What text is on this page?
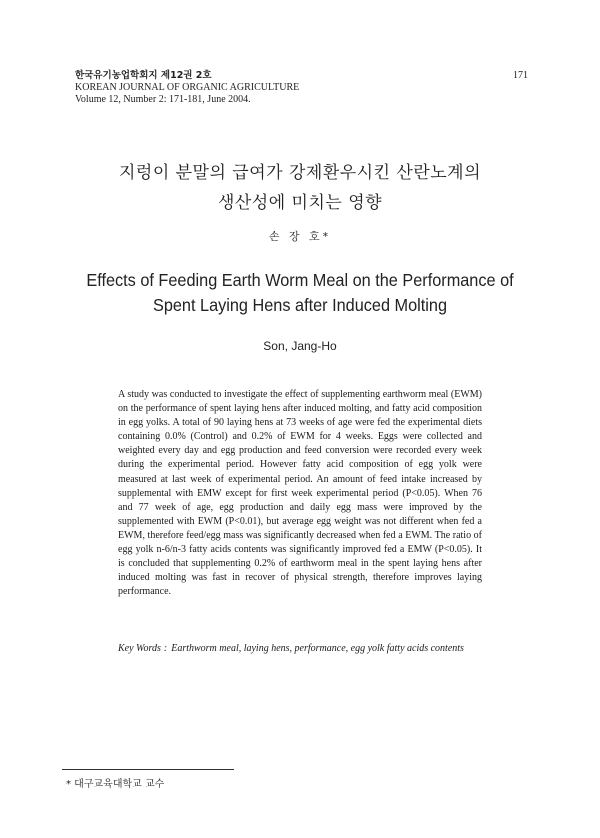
한국유기농업학회지 제12권 2호
KOREAN JOURNAL OF ORGANIC AGRICULTURE
Volume 12, Number 2: 171-181, June 2004.
171
지렁이 분말의 급여가 강제환우시킨 산란노계의
생산성에 미치는 영향
손 장 호*
Effects of Feeding Earth Worm Meal on the Performance of
Spent Laying Hens after Induced Molting
Son, Jang-Ho
A study was conducted to investigate the effect of supplementing earthworm meal (EWM) on the performance of spent laying hens after induced molting, and fatty acid composition in egg yolks. A total of 90 laying hens at 73 weeks of age were fed the experimental diets containing 0.0% (Control) and 0.2% of EWM for 4 weeks. Eggs were collected and weighted every day and egg production and feed conversion were recorded every week during the experimental period. However fatty acid composition of egg yolk were measured at last week of experimental period. An amount of feed intake increased by supplemental with EMW except for first week experimental period (P<0.05). When 76 and 77 week of age, egg production and daily egg mass were improved by the supplemented with EWM (P<0.01), but average egg weight was not different when fed a EWM, therefore feed/egg mass was significantly decreased when fed a EWM. The ratio of egg yolk n-6/n-3 fatty acids contents was significantly improved fed a EMW (P<0.05). It is concluded that supplementing 0.2% of earthworm meal in the spent laying hens after induced molting was fast in recover of physical strength, therefore improves laying performance.
Key Words : Earthworm meal, laying hens, performance, egg yolk fatty acids contents
* 대구교육대학교 교수
